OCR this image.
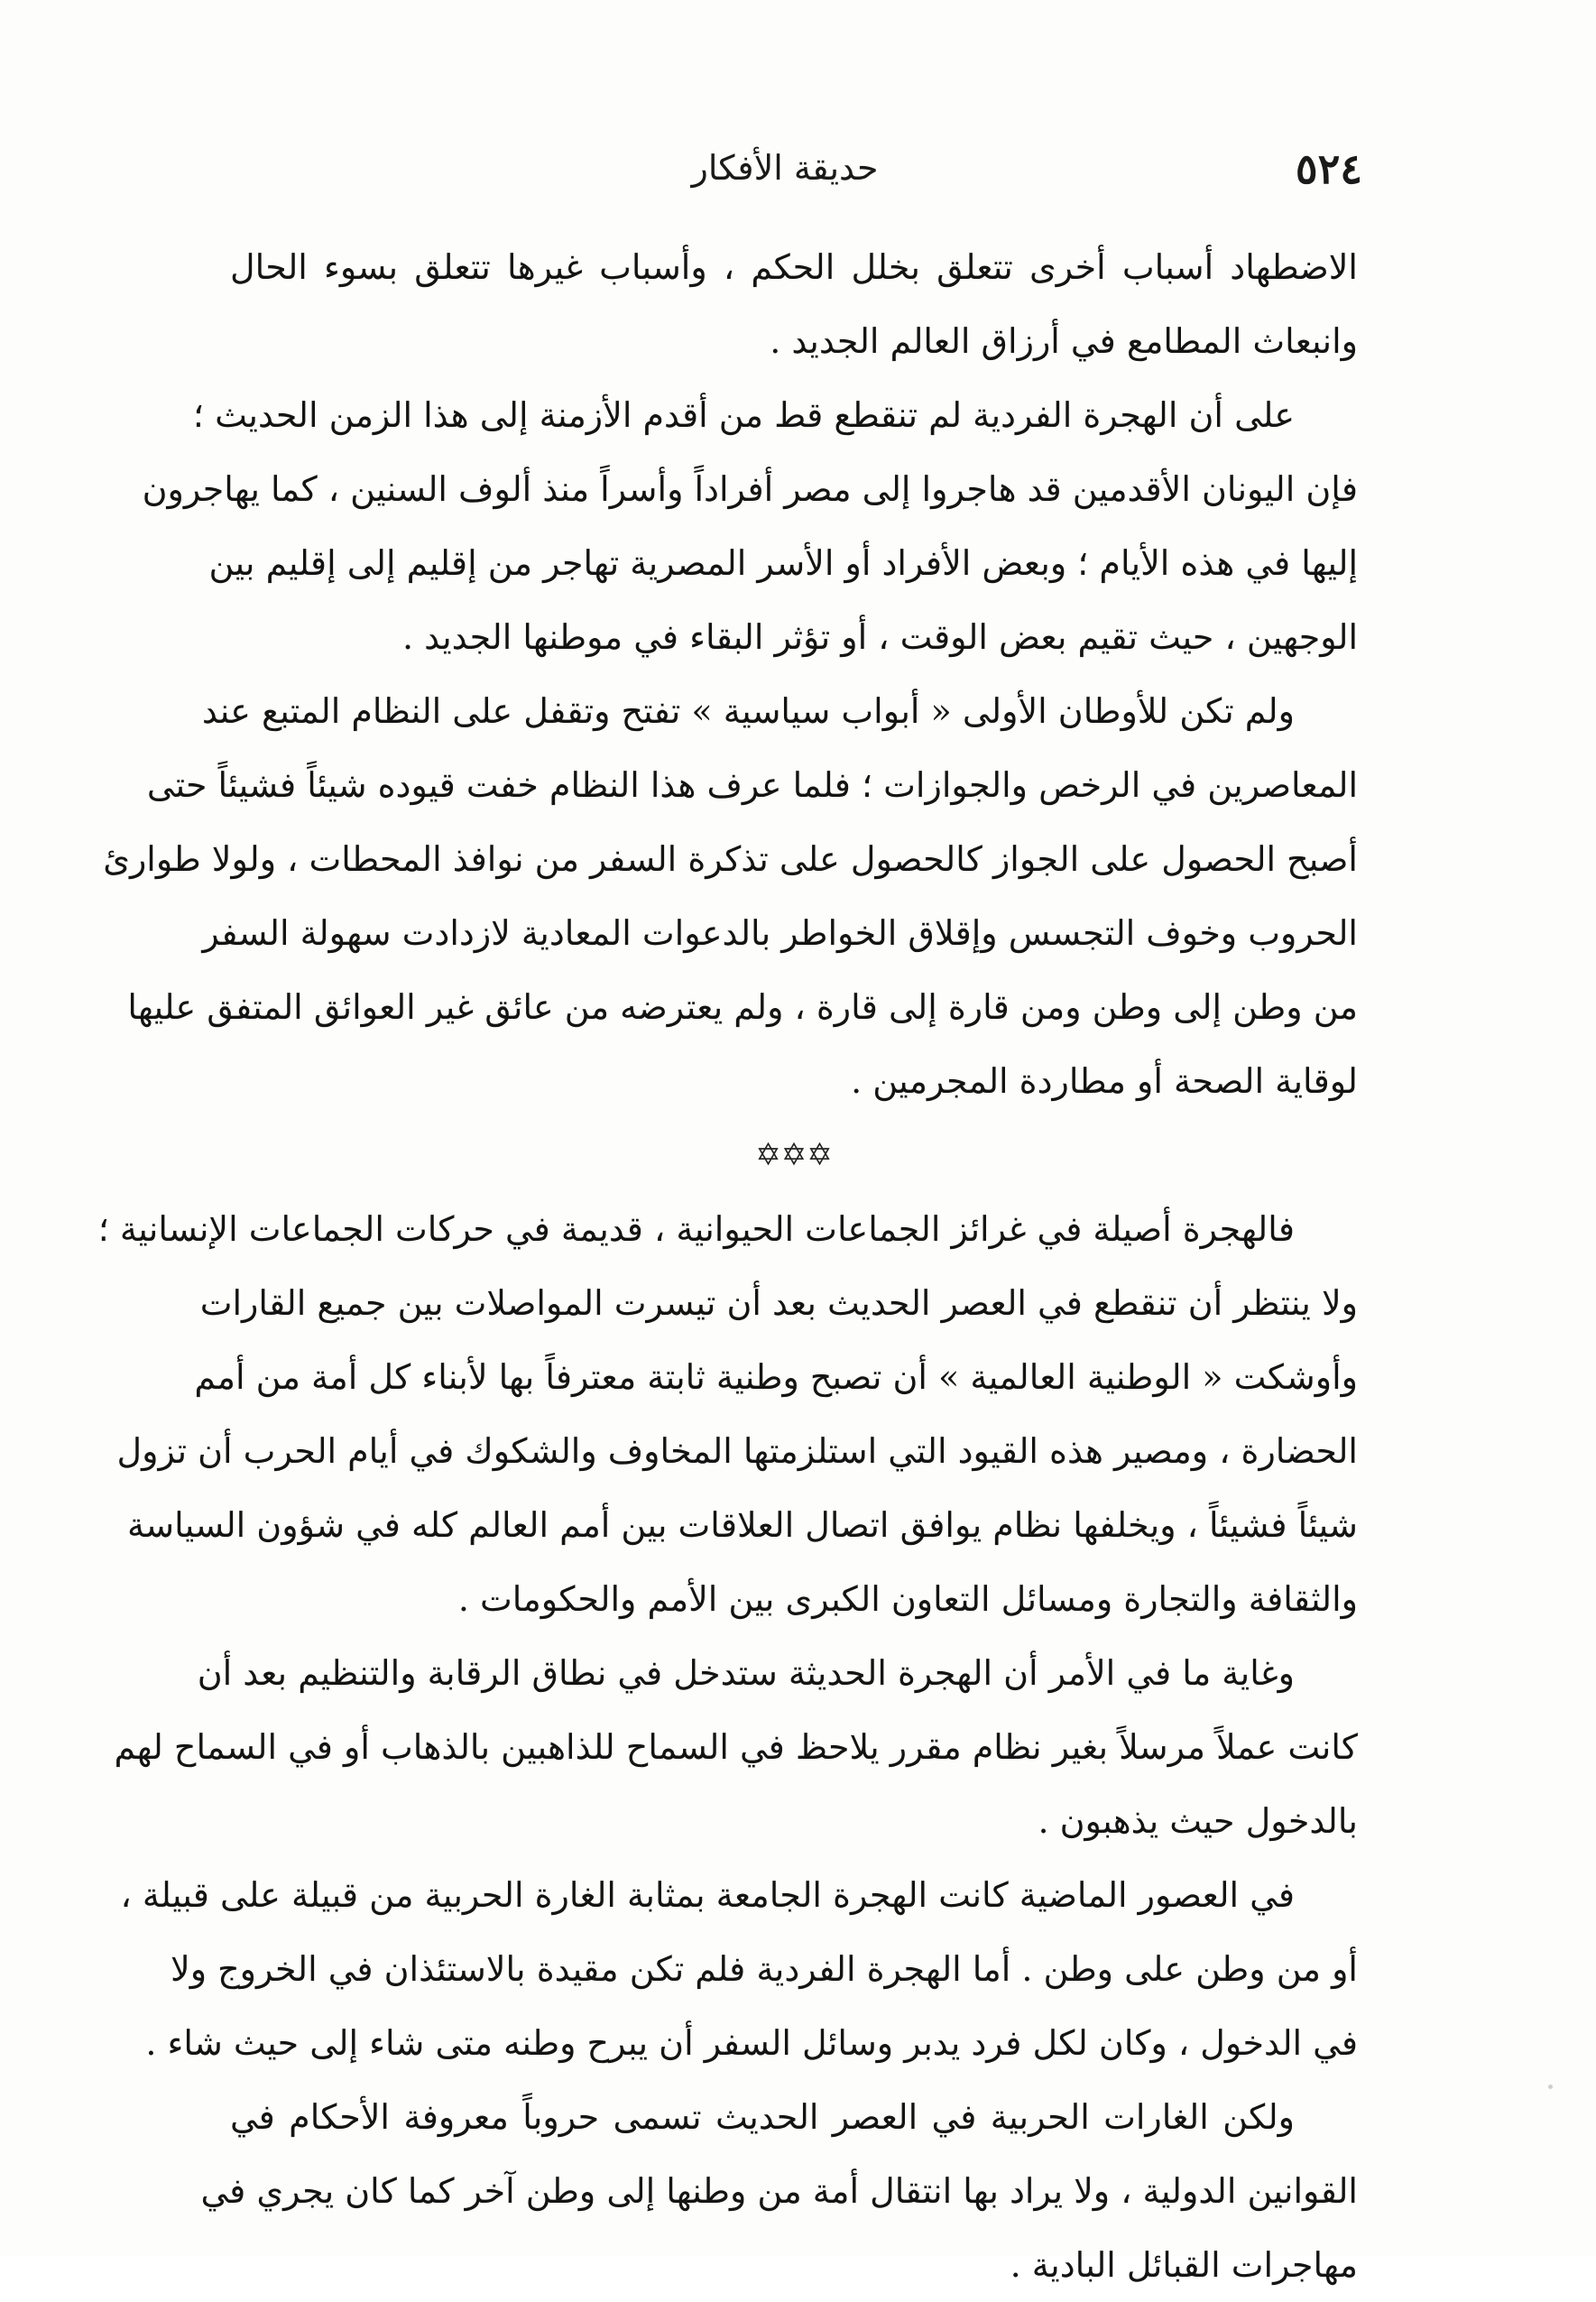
٥٢٤
حديقة الأفكار
الاضطهاد أسباب أخرى تتعلق بخلل الحكم ، وأسباب غيرها تتعلق بسوء الحال
وانبعاث المطامع في أرزاق العالم الجديد .
على أن الهجرة الفردية لم تنقطع قط من أقدم الأزمنة إلى هذا الزمن الحديث ؛
فإن اليونان الأقدمين قد هاجروا إلى مصر أفراداً وأسراً منذ ألوف السنين ، كما يهاجرون
إليها في هذه الأيام ؛ وبعض الأفراد أو الأسر المصرية تهاجر من إقليم إلى إقليم بين
الوجهين ، حيث تقيم بعض الوقت ، أو تؤثر البقاء في موطنها الجديد .
ولم تكن للأوطان الأولى « أبواب سياسية » تفتح وتقفل على النظام المتبع عند
المعاصرين في الرخص والجوازات ؛ فلما عرف هذا النظام خفت قيوده شيئاً فشيئاً حتى
أصبح الحصول على الجواز كالحصول على تذكرة السفر من نوافذ المحطات ، ولولا طوارئ
الحروب وخوف التجسس وإقلاق الخواطر بالدعوات المعادية لازدادت سهولة السفر
من وطن إلى وطن ومن قارة إلى قارة ، ولم يعترضه من عائق غير العوائق المتفق عليها
لوقاية الصحة أو مطاردة المجرمين .
✡✡✡
فالهجرة أصيلة في غرائز الجماعات الحيوانية ، قديمة في حركات الجماعات الإنسانية ؛
ولا ينتظر أن تنقطع في العصر الحديث بعد أن تيسرت المواصلات بين جميع القارات
وأوشكت « الوطنية العالمية » أن تصبح وطنية ثابتة معترفاً بها لأبناء كل أمة من أمم
الحضارة ، ومصير هذه القيود التي استلزمتها المخاوف والشكوك في أيام الحرب أن تزول
شيئاً فشيئاً ، ويخلفها نظام يوافق اتصال العلاقات بين أمم العالم كله في شؤون السياسة
والثقافة والتجارة ومسائل التعاون الكبرى بين الأمم والحكومات .
وغاية ما في الأمر أن الهجرة الحديثة ستدخل في نطاق الرقابة والتنظيم بعد أن
كانت عملاً مرسلاً بغير نظام مقرر يلاحظ في السماح للذاهبين بالذهاب أو في السماح لهم
بالدخول حيث يذهبون .
في العصور الماضية كانت الهجرة الجامعة بمثابة الغارة الحربية من قبيلة على قبيلة ،
أو من وطن على وطن . أما الهجرة الفردية فلم تكن مقيدة بالاستئذان في الخروج ولا
في الدخول ، وكان لكل فرد يدبر وسائل السفر أن يبرح وطنه متى شاء إلى حيث شاء .
ولكن الغارات الحربية في العصر الحديث تسمى حروباً معروفة الأحكام في
القوانين الدولية ، ولا يراد بها انتقال أمة من وطنها إلى وطن آخر كما كان يجري في
مهاجرات القبائل البادية .
